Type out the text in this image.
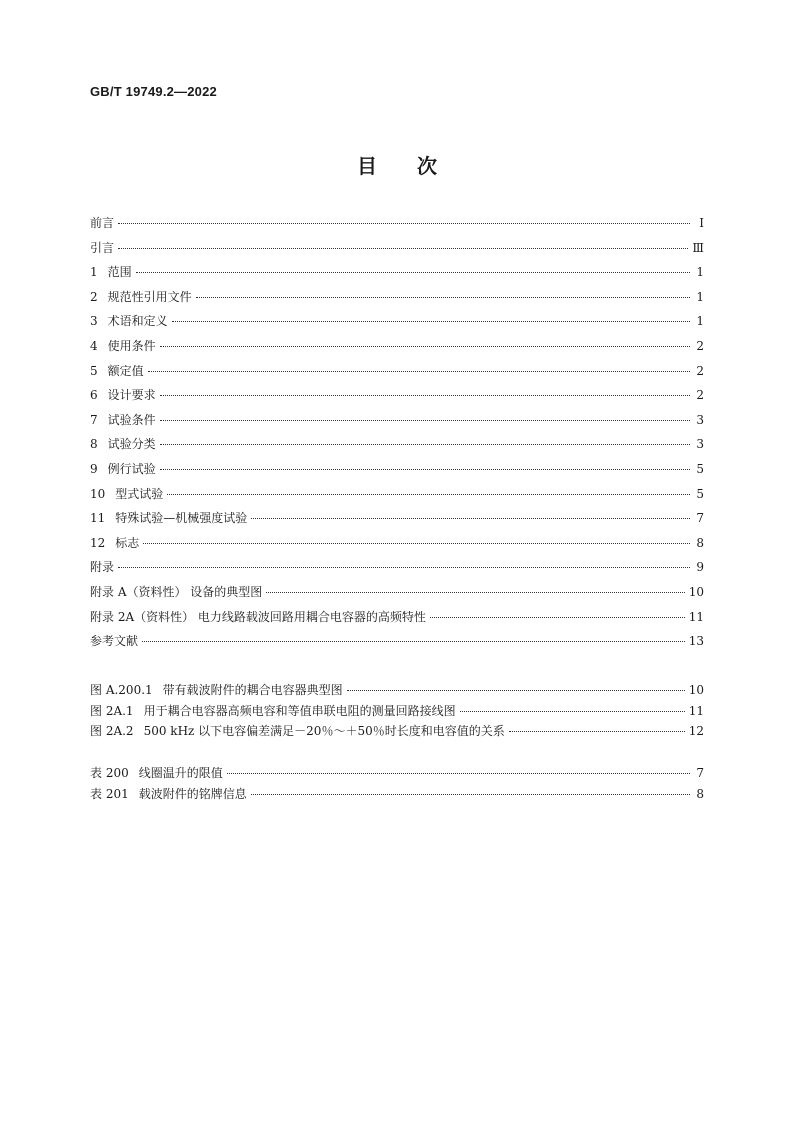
GB/T 19749.2—2022
目次
前言	Ⅰ
引言	Ⅲ
1 范围	1
2 规范性引用文件	1
3 术语和定义	1
4 使用条件	2
5 额定值	2
6 设计要求	2
7 试验条件	3
8 试验分类	3
9 例行试验	5
10 型式试验	5
11 特殊试验—机械强度试验	7
12 标志	8
附录	9
附录 A（资料性） 设备的典型图	10
附录 2A（资料性） 电力线路载波回路用耦合电容器的高频特性	11
参考文献	13
图 A.200.1 带有载波附件的耦合电容器典型图	10
图 2A.1 用于耦合电容器高频电容和等值串联电阻的测量回路接线图	11
图 2A.2 500 kHz 以下电容偏差满足－20％～＋50％时长度和电容值的关系	12
表 200 线圈温升的限值	7
表 201 载波附件的铭牌信息	8
